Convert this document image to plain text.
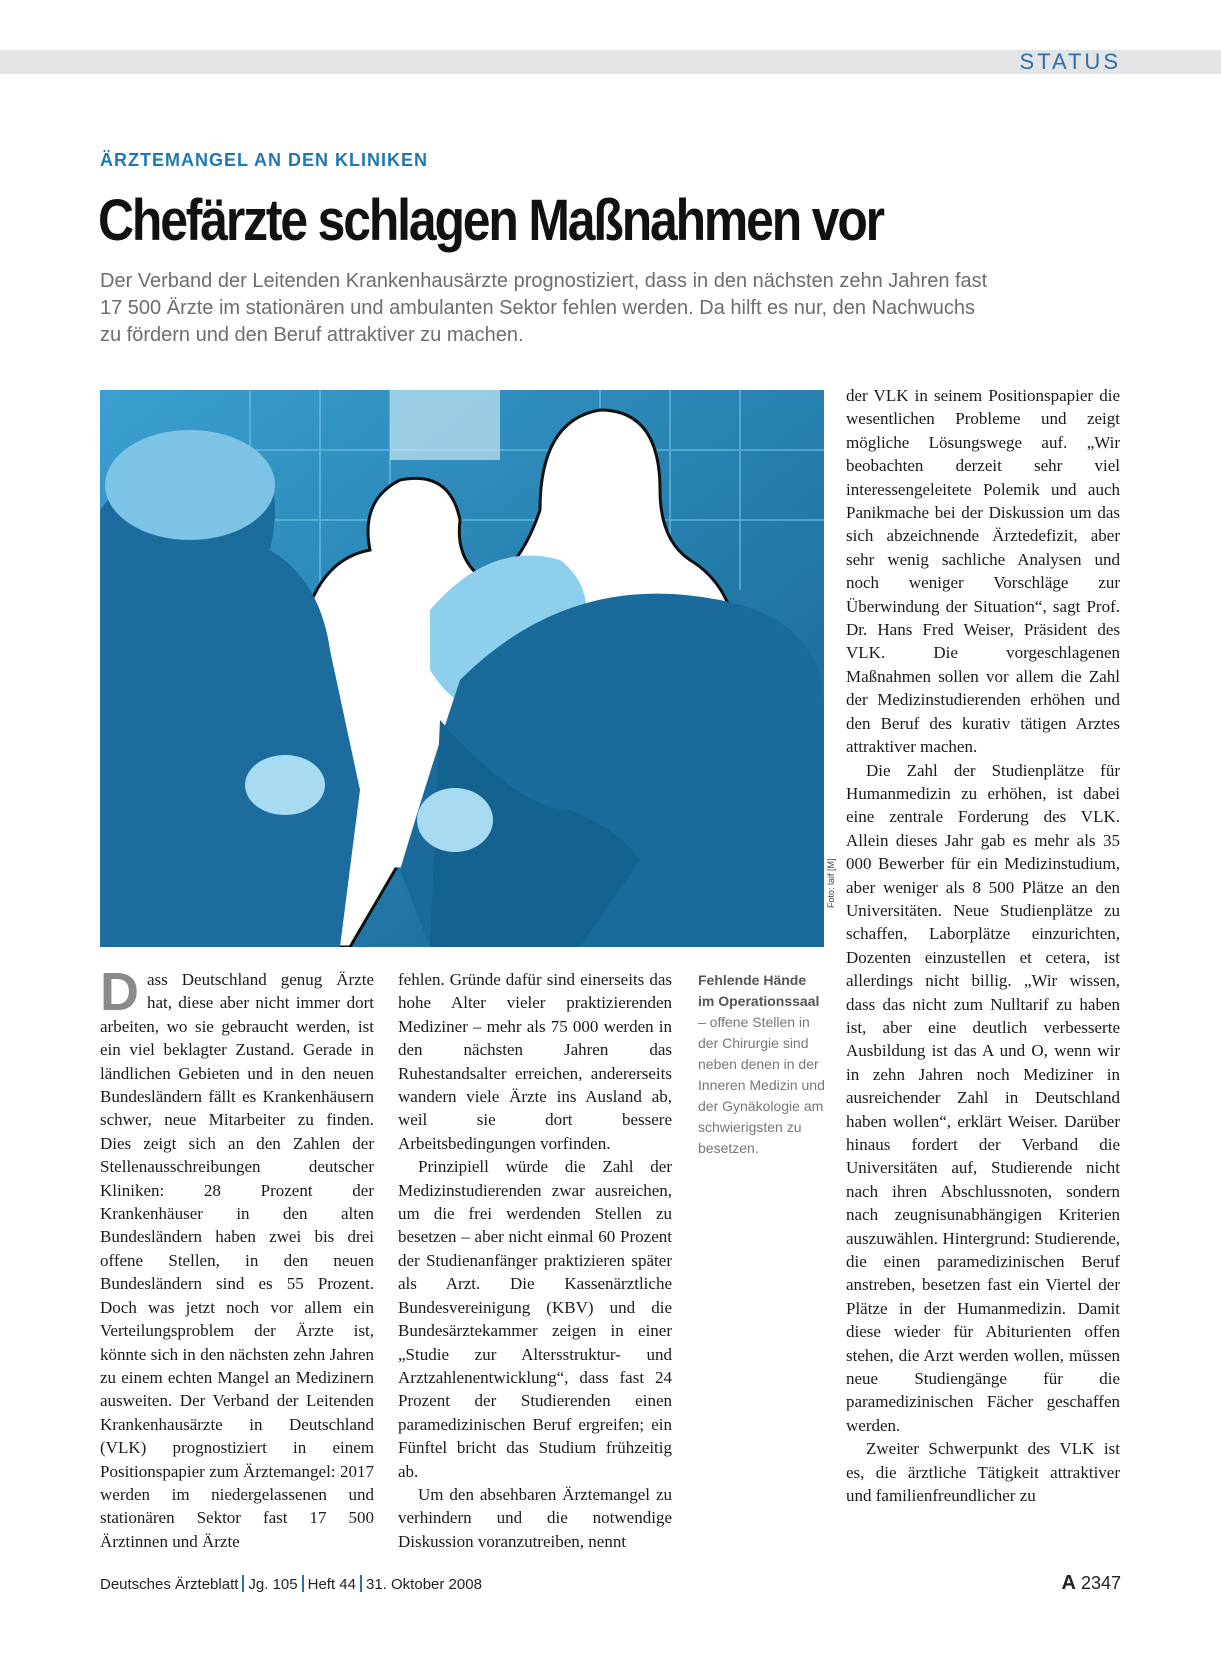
STATUS
ÄRZTEMANGEL AN DEN KLINIKEN
Chefärzte schlagen Maßnahmen vor

Der Verband der Leitenden Krankenhausärzte prognostiziert, dass in den nächsten zehn Jahren fast 17 500 Ärzte im stationären und ambulanten Sektor fehlen werden. Da hilft es nur, den Nachwuchs zu fördern und den Beruf attraktiver zu machen.

Foto: laif [M]

Dass Deutschland genug Ärzte hat, diese aber nicht immer dort arbeiten, wo sie gebraucht werden, ist ein viel beklagter Zustand. Gerade in ländlichen Gebieten und in den neuen Bundesländern fällt es Krankenhäusern schwer, neue Mitarbeiter zu finden. Dies zeigt sich an den Zahlen der Stellenausschreibungen deutscher Kliniken: 28 Prozent der Krankenhäuser in den alten Bundesländern haben zwei bis drei offene Stellen, in den neuen Bundesländern sind es 55 Prozent. Doch was jetzt noch vor allem ein Verteilungsproblem der Ärzte ist, könnte sich in den nächsten zehn Jahren zu einem echten Mangel an Medizinern ausweiten. Der Verband der Leitenden Krankenhausärzte in Deutschland (VLK) prognostiziert in einem Positionspapier zum Ärztemangel: 2017 werden im niedergelassenen und stationären Sektor fast 17 500 Ärztinnen und Ärzte

fehlen. Gründe dafür sind einerseits das hohe Alter vieler praktizierenden Mediziner – mehr als 75 000 werden in den nächsten Jahren das Ruhestandsalter erreichen, andererseits wandern viele Ärzte ins Ausland ab, weil sie dort bessere Arbeitsbedingungen vorfinden.

Prinzipiell würde die Zahl der Medizinstudierenden zwar ausreichen, um die frei werdenden Stellen zu besetzen – aber nicht einmal 60 Prozent der Studienanfänger praktizieren später als Arzt. Die Kassenärztliche Bundesvereinigung (KBV) und die Bundesärztekammer zeigen in einer „Studie zur Altersstruktur- und Arztzahlenentwicklung“, dass fast 24 Prozent der Studierenden einen paramedizinischen Beruf ergreifen; ein Fünftel bricht das Studium frühzeitig ab.

Um den absehbaren Ärztemangel zu verhindern und die notwendige Diskussion voranzutreiben, nennt

Fehlende Hände im Operationssaal
– offene Stellen in der Chirurgie sind neben denen in der Inneren Medizin und der Gynäkologie am schwierigsten zu besetzen.

der VLK in seinem Positionspapier die wesentlichen Probleme und zeigt mögliche Lösungswege auf. „Wir beobachten derzeit sehr viel interessengeleitete Polemik und auch Panikmache bei der Diskussion um das sich abzeichnende Ärztedefizit, aber sehr wenig sachliche Analysen und noch weniger Vorschläge zur Überwindung der Situation“, sagt Prof. Dr. Hans Fred Weiser, Präsident des VLK. Die vorgeschlagenen Maßnahmen sollen vor allem die Zahl der Medizinstudierenden erhöhen und den Beruf des kurativ tätigen Arztes attraktiver machen.

Die Zahl der Studienplätze für Humanmedizin zu erhöhen, ist dabei eine zentrale Forderung des VLK. Allein dieses Jahr gab es mehr als 35 000 Bewerber für ein Medizinstudium, aber weniger als 8 500 Plätze an den Universitäten. Neue Studienplätze zu schaffen, Laborplätze einzurichten, Dozenten einzustellen et cetera, ist allerdings nicht billig. „Wir wissen, dass das nicht zum Nulltarif zu haben ist, aber eine deutlich verbesserte Ausbildung ist das A und O, wenn wir in zehn Jahren noch Mediziner in ausreichender Zahl in Deutschland haben wollen“, erklärt Weiser. Darüber hinaus fordert der Verband die Universitäten auf, Studierende nicht nach ihren Abschlussnoten, sondern nach zeugnisunabhängigen Kriterien auszuwählen. Hintergrund: Studierende, die einen paramedizinischen Beruf anstreben, besetzen fast ein Viertel der Plätze in der Humanmedizin. Damit diese wieder für Abiturienten offen stehen, die Arzt werden wollen, müssen neue Studiengänge für die paramedizinischen Fächer geschaffen werden.

Zweiter Schwerpunkt des VLK ist es, die ärztliche Tätigkeit attraktiver und familienfreundlicher zu

Deutsches Ärzteblatt Jg. 105 Heft 44 31. Oktober 2008	A 2347
